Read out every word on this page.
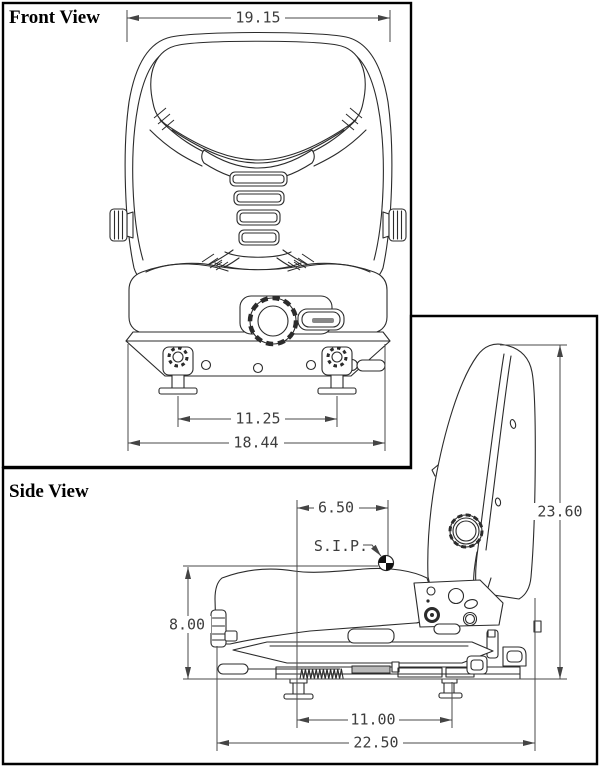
19.15
11.25
18.44
6.50	23.60
8.00
11.00
22.50
S.I.P.
Front View
Side View
